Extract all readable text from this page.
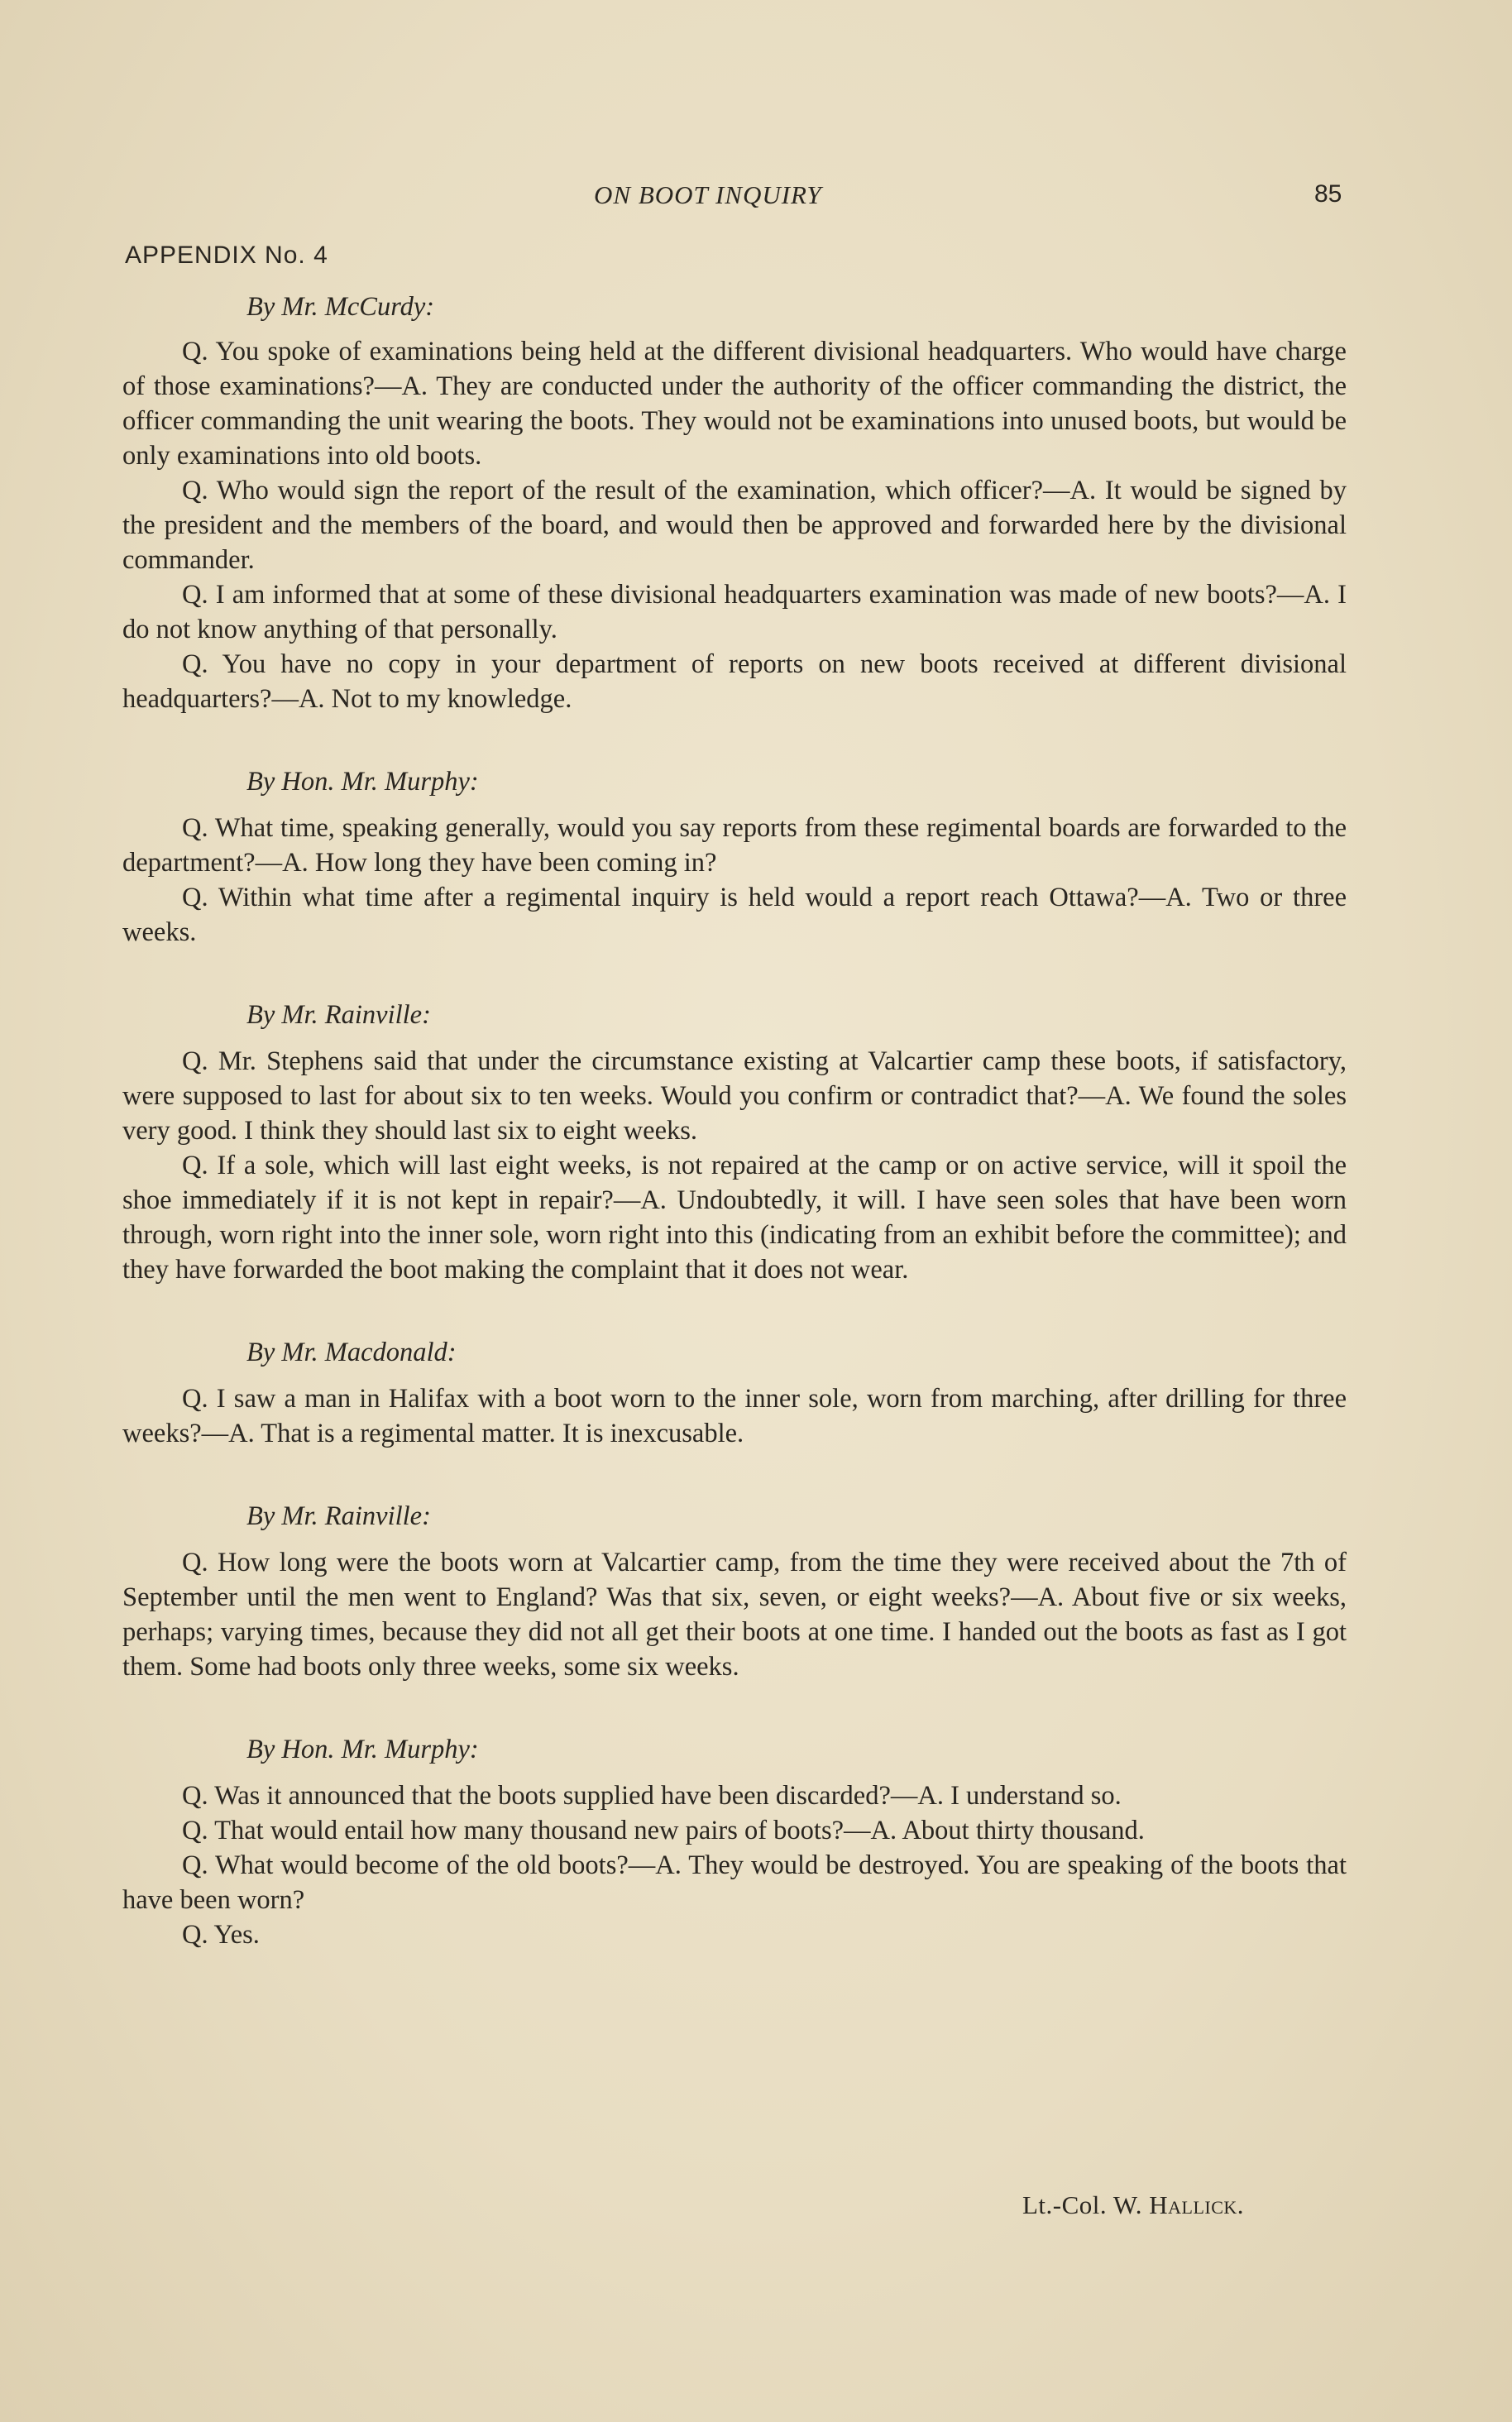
ON BOOT INQUIRY	85
APPENDIX No. 4

By Mr. McCurdy:

Q. You spoke of examinations being held at the different divisional headquarters. Who would have charge of those examinations?—A. They are conducted under the authority of the officer commanding the district, the officer commanding the unit wearing the boots. They would not be examinations into unused boots, but would be only examinations into old boots.

Q. Who would sign the report of the result of the examination, which officer?—A. It would be signed by the president and the members of the board, and would then be approved and forwarded here by the divisional commander.

Q. I am informed that at some of these divisional headquarters examination was made of new boots?—A. I do not know anything of that personally.

Q. You have no copy in your department of reports on new boots received at different divisional headquarters?—A. Not to my knowledge.

By Hon. Mr. Murphy:

Q. What time, speaking generally, would you say reports from these regimental boards are forwarded to the department?—A. How long they have been coming in?

Q. Within what time after a regimental inquiry is held would a report reach Ottawa?—A. Two or three weeks.

By Mr. Rainville:

Q. Mr. Stephens said that under the circumstance existing at Valcartier camp these boots, if satisfactory, were supposed to last for about six to ten weeks. Would you confirm or contradict that?—A. We found the soles very good. I think they should last six to eight weeks.

Q. If a sole, which will last eight weeks, is not repaired at the camp or on active service, will it spoil the shoe immediately if it is not kept in repair?—A. Undoubtedly, it will. I have seen soles that have been worn through, worn right into the inner sole, worn right into this (indicating from an exhibit before the committee); and they have forwarded the boot making the complaint that it does not wear.

By Mr. Macdonald:

Q. I saw a man in Halifax with a boot worn to the inner sole, worn from marching, after drilling for three weeks?—A. That is a regimental matter. It is inexcusable.

By Mr. Rainville:

Q. How long were the boots worn at Valcartier camp, from the time they were received about the 7th of September until the men went to England? Was that six, seven, or eight weeks?—A. About five or six weeks, perhaps; varying times, because they did not all get their boots at one time. I handed out the boots as fast as I got them. Some had boots only three weeks, some six weeks.

By Hon. Mr. Murphy:

Q. Was it announced that the boots supplied have been discarded?—A. I understand so.

Q. That would entail how many thousand new pairs of boots?—A. About thirty thousand.

Q. What would become of the old boots?—A. They would be destroyed. You are speaking of the boots that have been worn?

Q. Yes.

Lt.-Col. W. Hallick.
